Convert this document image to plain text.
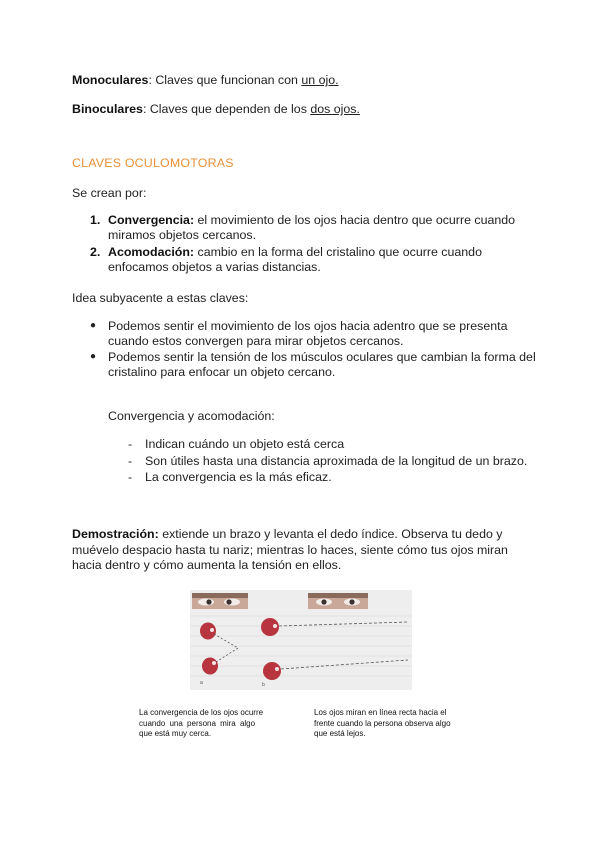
Monoculares: Claves que funcionan con un ojo.
Binoculares: Claves que dependen de los dos ojos.
CLAVES OCULOMOTORAS
Se crean por:
1. Convergencia: el movimiento de los ojos hacia dentro que ocurre cuando
miramos objetos cercanos.
2. Acomodación: cambio en la forma del cristalino que ocurre cuando
enfocamos objetos a varias distancias.
Idea subyacente a estas claves:
● Podemos sentir el movimiento de los ojos hacia adentro que se presenta
cuando estos convergen para mirar objetos cercanos.
● Podemos sentir la tensión de los músculos oculares que cambian la forma del
cristalino para enfocar un objeto cercano.
Convergencia y acomodación:
- Indican cuándo un objeto está cerca
- Son útiles hasta una distancia aproximada de la longitud de un brazo.
- La convergencia es la más eficaz.
Demostración: extiende un brazo y levanta el dedo índice. Observa tu dedo y
muévelo despacio hasta tu nariz; mientras lo haces, siente cómo tus ojos miran
hacia dentro y cómo aumenta la tensión en ellos.
a	b
La convergencia de los ojos ocurre
cuando una persona mira algo
que está muy cerca.
Los ojos miran en línea recta hacia el
frente cuando la persona observa algo
que está lejos.
